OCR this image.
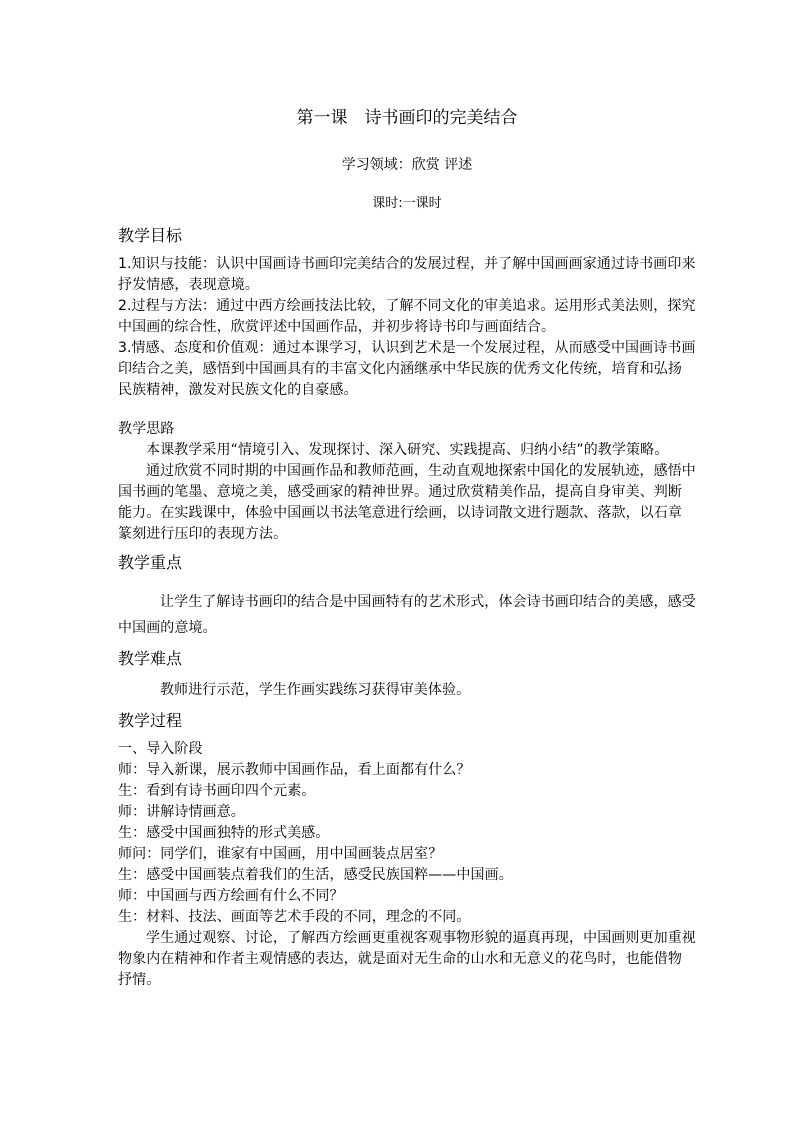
第一课　诗书画印的完美结合
学习领域：欣赏 评述
课时:一课时
教学目标

1.知识与技能：认识中国画诗书画印完美结合的发展过程，并了解中国画画家通过诗书画印来抒发情感，表现意境。

2.过程与方法：通过中西方绘画技法比较，了解不同文化的审美追求。运用形式美法则，探究中国画的综合性，欣赏评述中国画作品，并初步将诗书印与画面结合。

3.情感、态度和价值观：通过本课学习，认识到艺术是一个发展过程，从而感受中国画诗书画印结合之美，感悟到中国画具有的丰富文化内涵继承中华民族的优秀文化传统，培育和弘扬民族精神，激发对民族文化的自豪感。

教学思路

本课教学采用“情境引入、发现探讨、深入研究、实践提高、归纳小结”的教学策略。

通过欣赏不同时期的中国画作品和教师范画，生动直观地探索中国化的发展轨迹，感悟中国书画的笔墨、意境之美，感受画家的精神世界。通过欣赏精美作品，提高自身审美、判断能力。在实践课中，体验中国画以书法笔意进行绘画，以诗词散文进行题款、落款，以石章篆刻进行压印的表现方法。

教学重点

让学生了解诗书画印的结合是中国画特有的艺术形式，体会诗书画印结合的美感，感受中国画的意境。

教学难点

教师进行示范，学生作画实践练习获得审美体验。

教学过程

一、导入阶段

师：导入新课，展示教师中国画作品，看上面都有什么？

生：看到有诗书画印四个元素。

师：讲解诗情画意。

生：感受中国画独特的形式美感。

师问：同学们，谁家有中国画，用中国画装点居室？

生：感受中国画装点着我们的生活，感受民族国粹——中国画。

师：中国画与西方绘画有什么不同？

生：材料、技法、画面等艺术手段的不同，理念的不同。

学生通过观察、讨论，了解西方绘画更重视客观事物形貌的逼真再现，中国画则更加重视物象内在精神和作者主观情感的表达，就是面对无生命的山水和无意义的花鸟时，也能借物抒情。
